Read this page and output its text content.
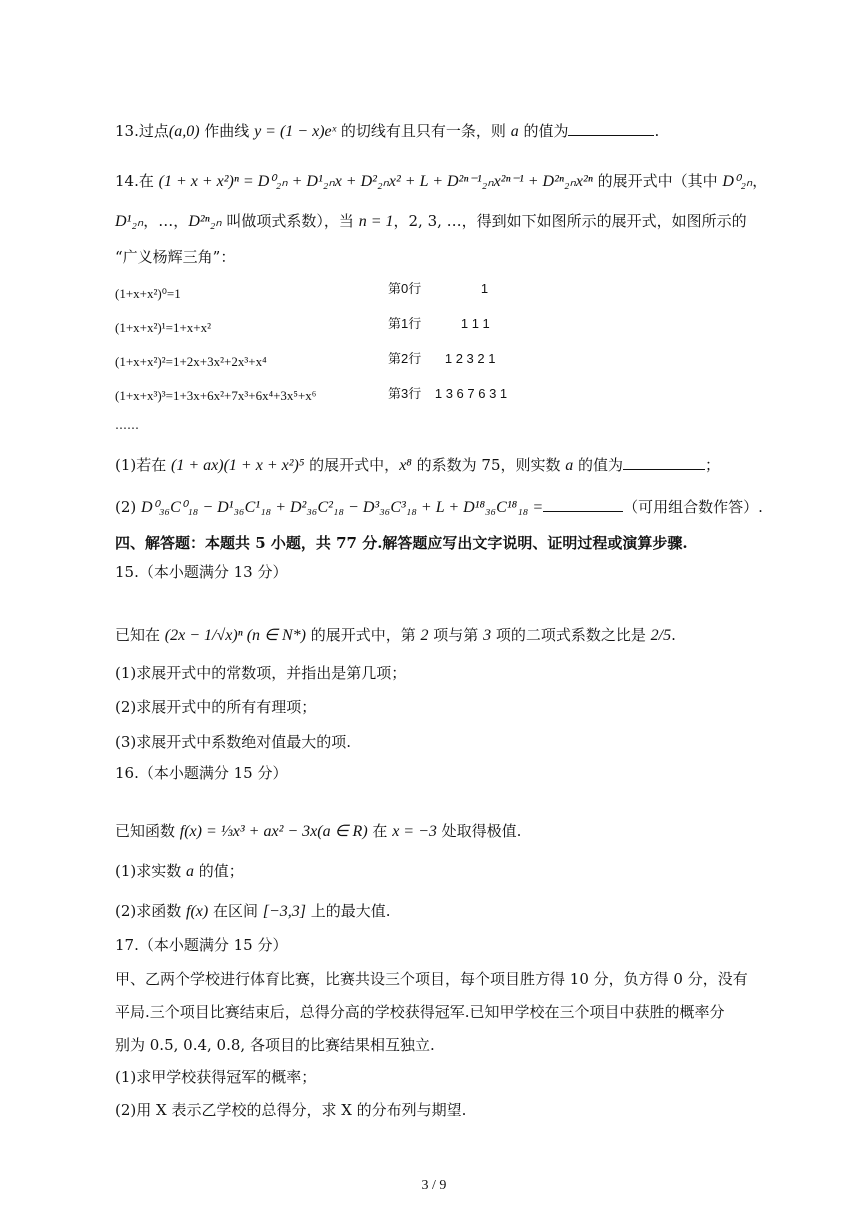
13.过点(a,0) 作曲线 y = (1 − x)eˣ 的切线有且只有一条，则 a 的值为	.
14.在 (1 + x + x²)ⁿ = D⁰₂ₙ + D¹₂ₙx + D²₂ₙx² + L + D²ⁿ⁻¹₂ₙx²ⁿ⁻¹ + D²ⁿ₂ₙx²ⁿ 的展开式中（其中 D⁰₂ₙ，
D¹₂ₙ，…，D²ⁿ₂ₙ 叫做项式系数），当 n = 1，2, 3, …，得到如下如图所示的展开式，如图所示的
“广义杨辉三角”：
(1+x+x²)⁰=1	第0行	1
(1+x+x²)¹=1+x+x²	第1行	1 1 1
(1+x+x²)²=1+2x+3x²+2x³+x⁴	第2行 1 2 3 2 1
(1+x+x³)³=1+3x+6x²+7x³+6x⁴+3x⁵+x⁶	第3行 1 3 6 7 6 3 1
……
(1)若在 (1 + ax)(1 + x + x²)⁵ 的展开式中，x⁸ 的系数为 75，则实数 a 的值为	；
(2) D⁰₃₆C⁰₁₈ − D¹₃₆C¹₁₈ + D²₃₆C²₁₈ − D³₃₆C³₁₈ + L + D¹⁸₃₆C¹⁸₁₈ =	（可用组合数作答）.
四、解答题：本题共 5 小题，共 77 分.解答题应写出文字说明、证明过程或演算步骤.
15.（本小题满分 13 分）
已知在 (2x − 1/√x)ⁿ (n ∈ N*) 的展开式中，第 2 项与第 3 项的二项式系数之比是 2/5.
(1)求展开式中的常数项，并指出是第几项；
(2)求展开式中的所有有理项；
(3)求展开式中系数绝对值最大的项.
16.（本小题满分 15 分）
已知函数 f(x) = ⅓x³ + ax² − 3x(a ∈ R) 在 x = −3 处取得极值.
(1)求实数 a 的值；
(2)求函数 f(x) 在区间 [−3,3] 上的最大值.
17.（本小题满分 15 分）
甲、乙两个学校进行体育比赛，比赛共设三个项目，每个项目胜方得 10 分，负方得 0 分，没有
平局.三个项目比赛结束后，总得分高的学校获得冠军.已知甲学校在三个项目中获胜的概率分
别为 0.5, 0.4, 0.8, 各项目的比赛结果相互独立.
(1)求甲学校获得冠军的概率；
(2)用 X 表示乙学校的总得分，求 X 的分布列与期望.
3 / 9
